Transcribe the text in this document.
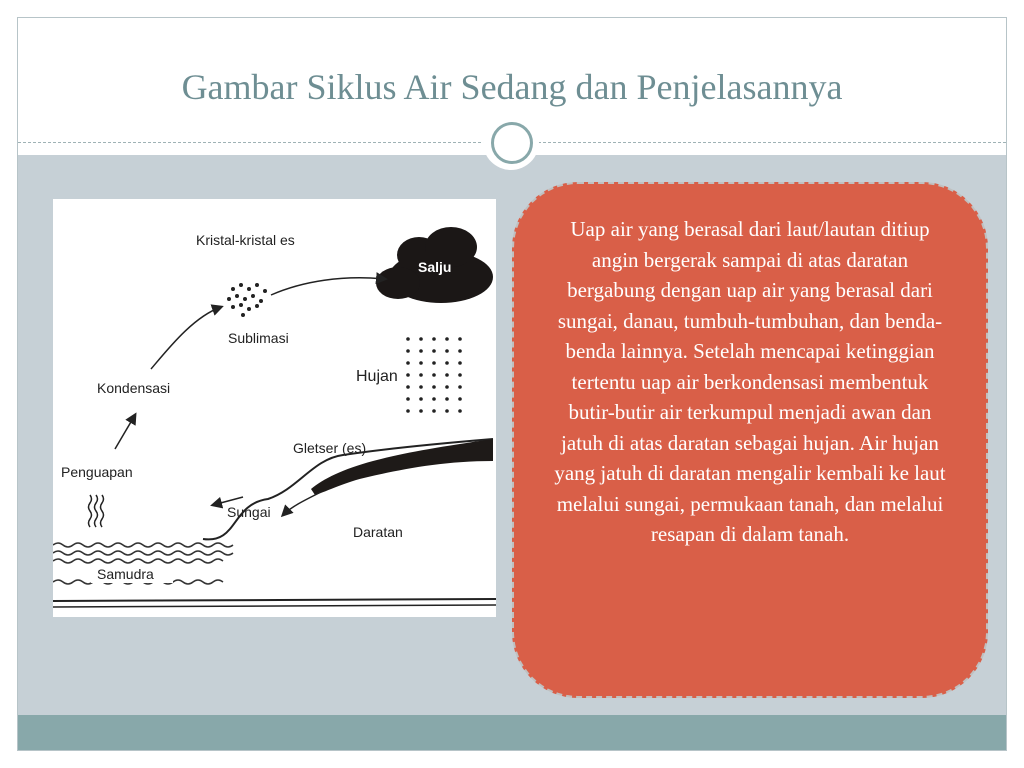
Gambar Siklus Air Sedang dan Penjelasannya
Kristal-kristal es
Salju
Sublimasi
Kondensasi
Hujan
Penguapan
Gletser (es)
Sungai
Daratan
Samudra

Uap air yang berasal dari laut/lautan ditiup angin bergerak sampai di atas daratan bergabung dengan uap air yang berasal dari sungai, danau, tumbuh-tumbuhan, dan benda-benda lainnya. Setelah mencapai ketinggian tertentu uap air berkondensasi membentuk butir-butir air terkumpul menjadi awan dan jatuh di atas daratan sebagai hujan. Air hujan yang jatuh di daratan mengalir kembali ke laut melalui sungai, permukaan tanah, dan melalui resapan di dalam tanah.
